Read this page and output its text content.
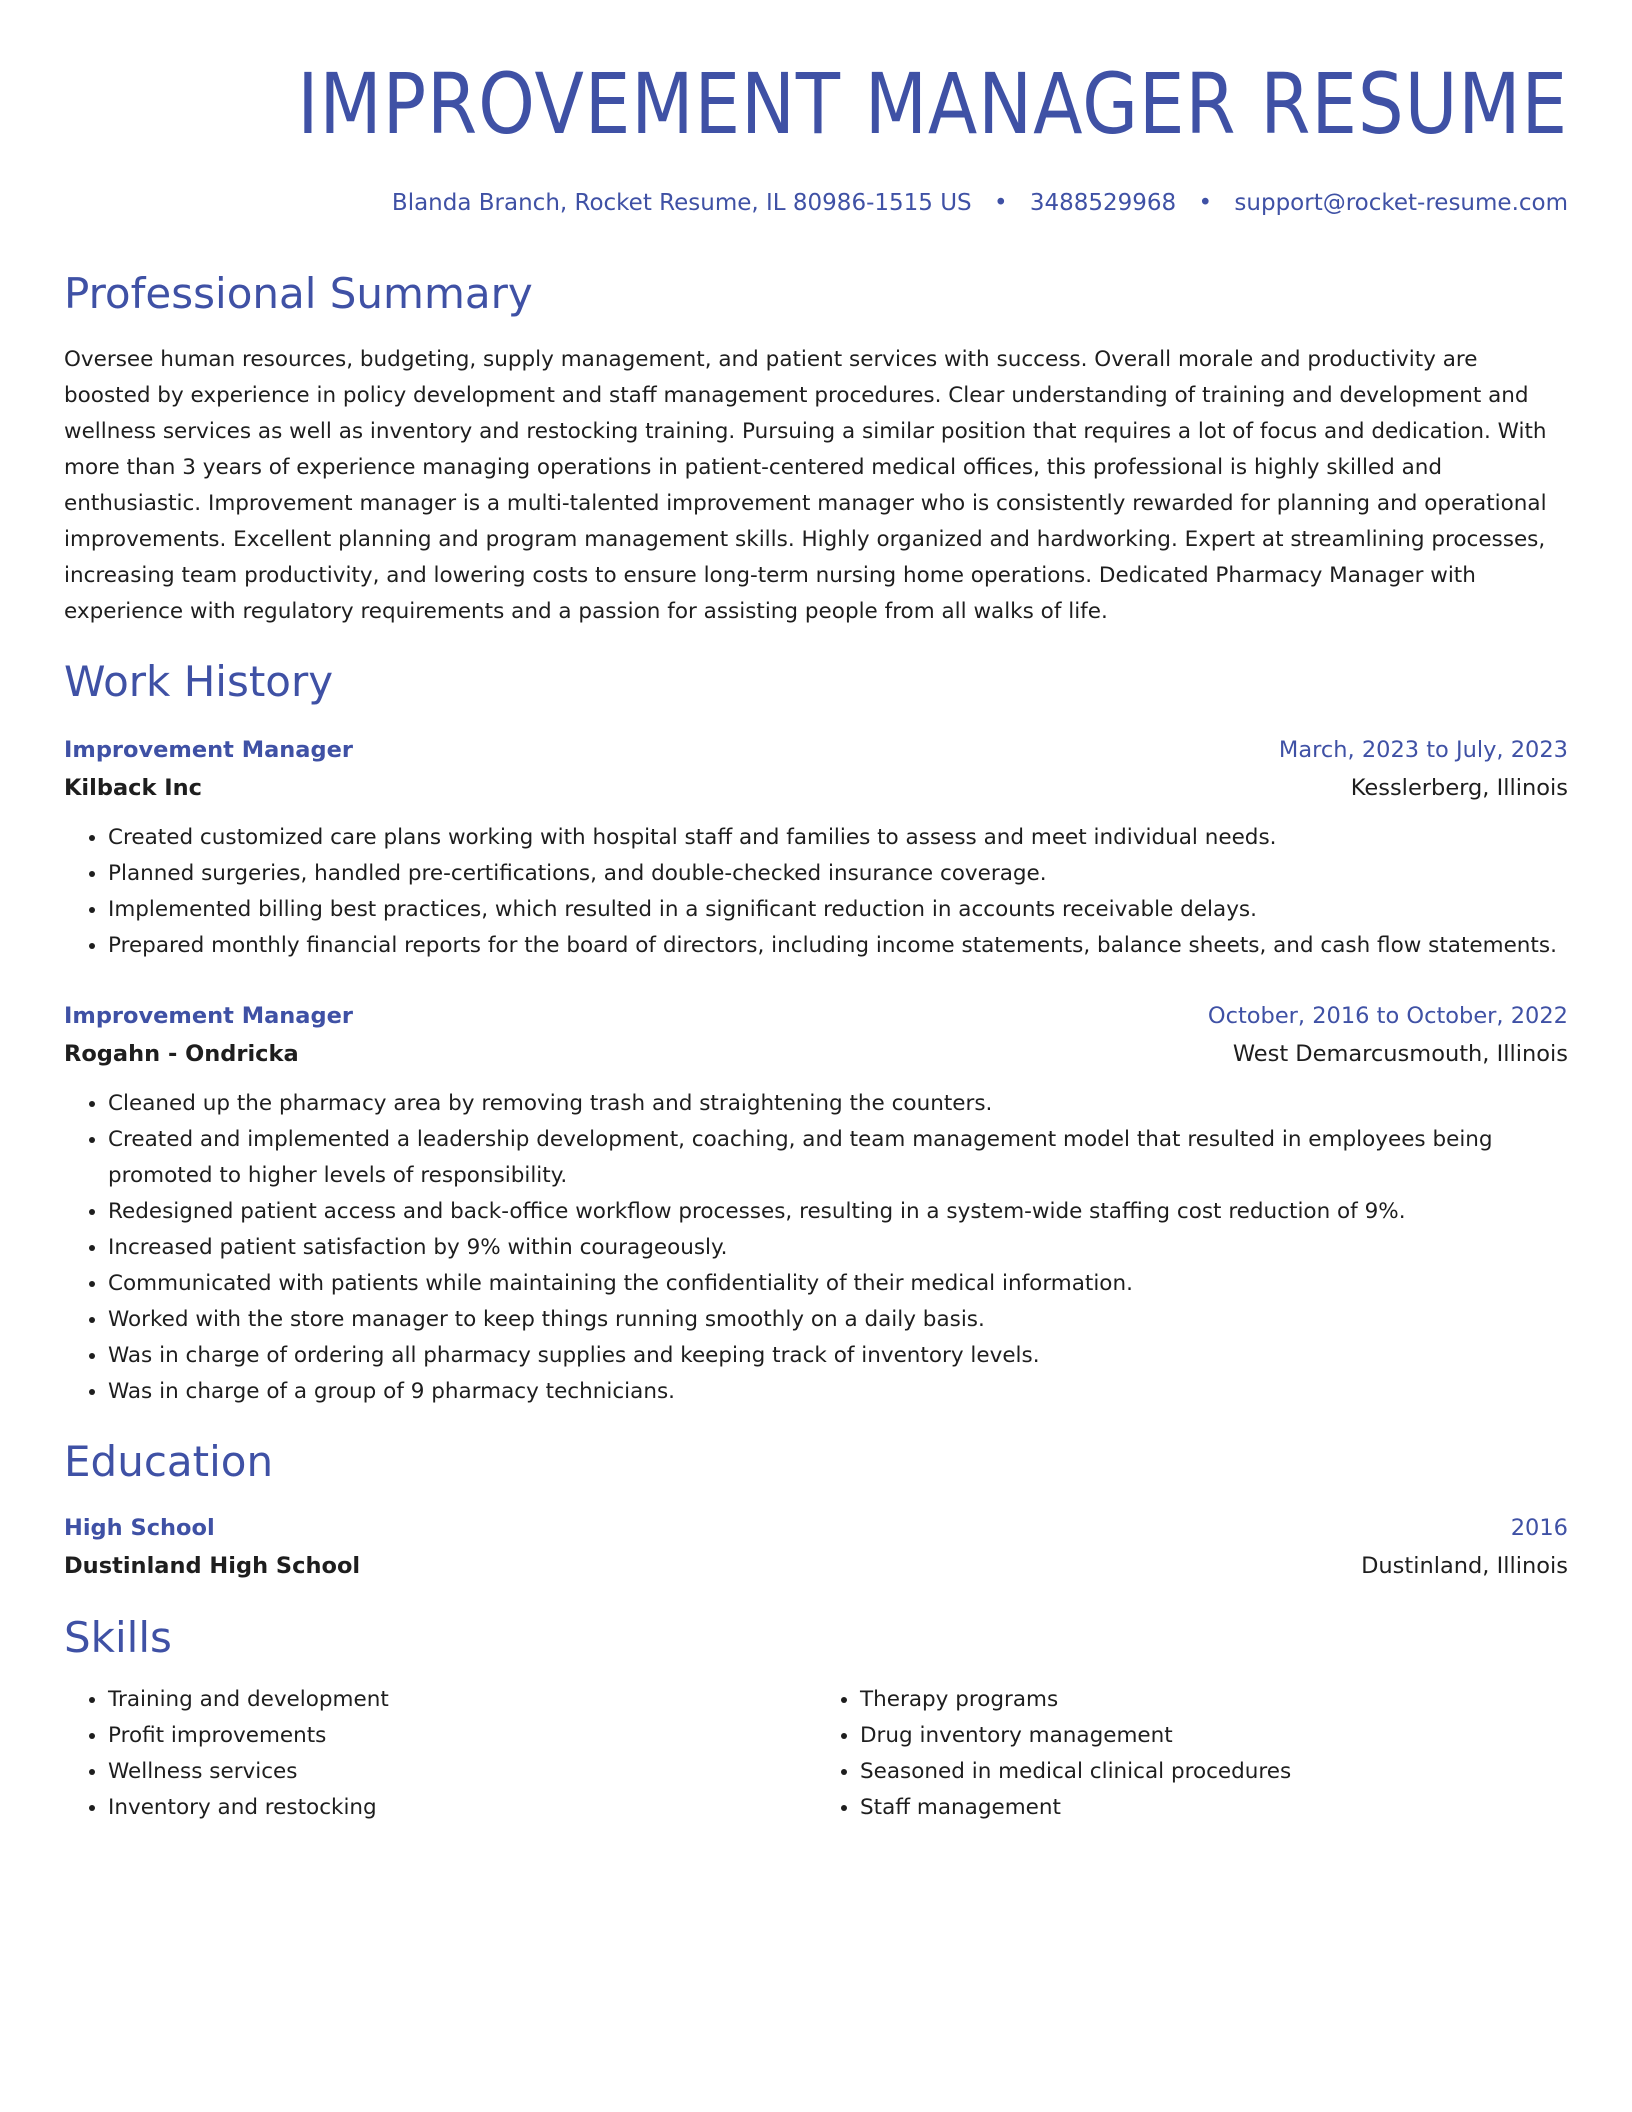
IMPROVEMENT MANAGER RESUME
Blanda Branch, Rocket Resume, IL 80986-1515 US • 3488529968 • support@rocket-resume.com
Professional Summary
Oversee human resources, budgeting, supply management, and patient services with success. Overall morale and productivity are boosted by experience in policy development and staff management procedures. Clear understanding of training and development and wellness services as well as inventory and restocking training. Pursuing a similar position that requires a lot of focus and dedication. With more than 3 years of experience managing operations in patient-centered medical offices, this professional is highly skilled and enthusiastic. Improvement manager is a multi-talented improvement manager who is consistently rewarded for planning and operational improvements. Excellent planning and program management skills. Highly organized and hardworking. Expert at streamlining processes, increasing team productivity, and lowering costs to ensure long-term nursing home operations. Dedicated Pharmacy Manager with experience with regulatory requirements and a passion for assisting people from all walks of life.
Work History
Improvement Manager	March, 2023 to July, 2023
Kilback Inc	Kesslerberg, Illinois
• Created customized care plans working with hospital staff and families to assess and meet individual needs.
• Planned surgeries, handled pre-certifications, and double-checked insurance coverage.
• Implemented billing best practices, which resulted in a significant reduction in accounts receivable delays.
• Prepared monthly financial reports for the board of directors, including income statements, balance sheets, and cash flow statements.
Improvement Manager	October, 2016 to October, 2022
Rogahn - Ondricka	West Demarcusmouth, Illinois
• Cleaned up the pharmacy area by removing trash and straightening the counters.
• Created and implemented a leadership development, coaching, and team management model that resulted in employees being promoted to higher levels of responsibility.
• Redesigned patient access and back-office workflow processes, resulting in a system-wide staffing cost reduction of 9%.
• Increased patient satisfaction by 9% within courageously.
• Communicated with patients while maintaining the confidentiality of their medical information.
• Worked with the store manager to keep things running smoothly on a daily basis.
• Was in charge of ordering all pharmacy supplies and keeping track of inventory levels.
• Was in charge of a group of 9 pharmacy technicians.
Education
High School	2016
Dustinland High School	Dustinland, Illinois
Skills
• Training and development
• Profit improvements
• Wellness services
• Inventory and restocking
• Therapy programs
• Drug inventory management
• Seasoned in medical clinical procedures
• Staff management
